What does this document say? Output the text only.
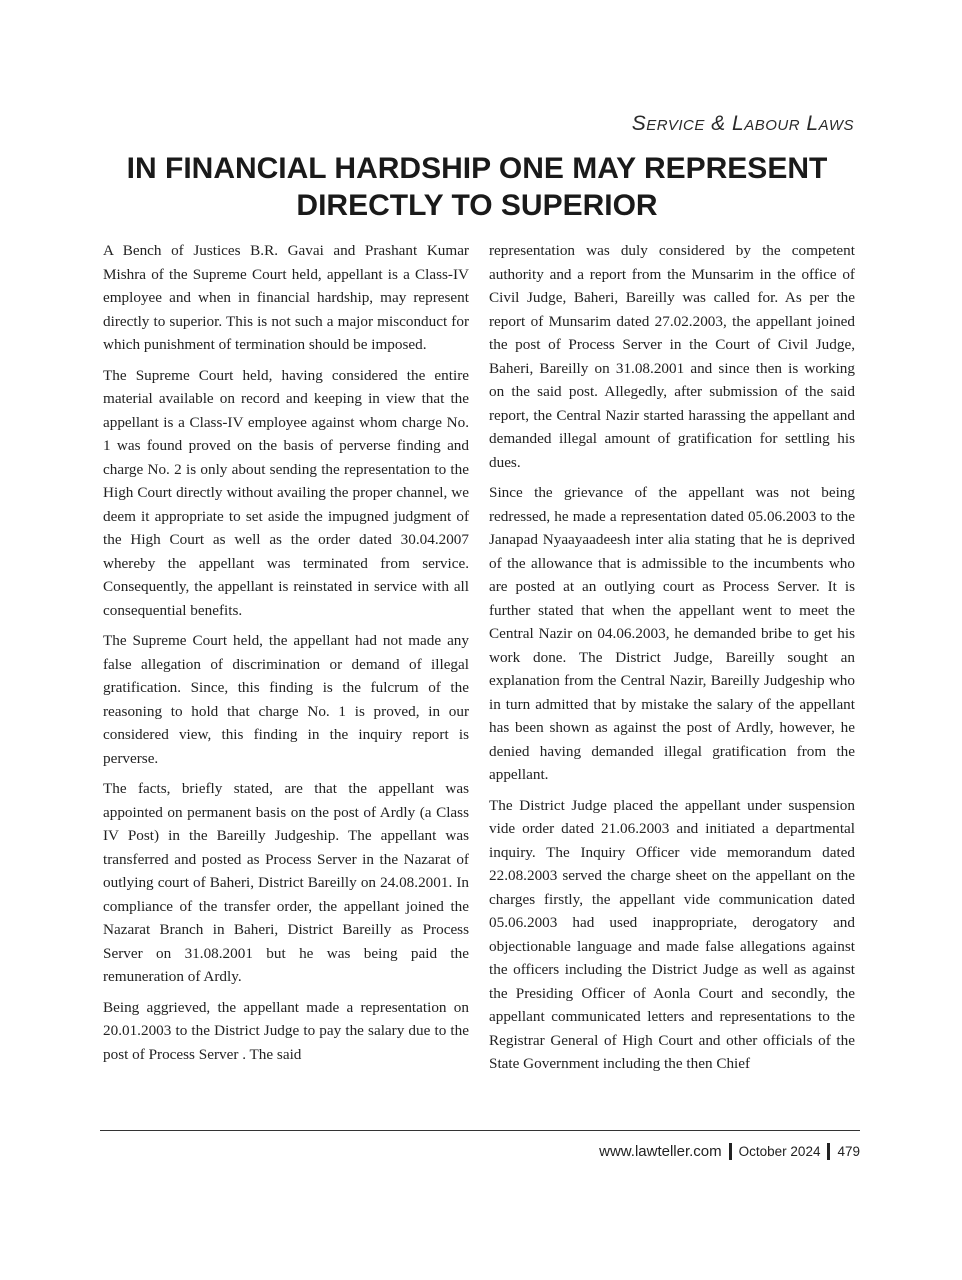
Service & Labour Laws
IN FINANCIAL HARDSHIP ONE MAY REPRESENT DIRECTLY TO SUPERIOR

A Bench of Justices B.R. Gavai and Prashant Kumar Mishra of the Supreme Court held, appellant is a Class-IV employee and when in financial hardship, may represent directly to superior. This is not such a major misconduct for which punishment of termination should be imposed.

The Supreme Court held, having considered the entire material available on record and keeping in view that the appellant is a Class-IV employee against whom charge No. 1 was found proved on the basis of perverse finding and charge No. 2 is only about sending the representation to the High Court directly without availing the proper channel, we deem it appropriate to set aside the impugned judgment of the High Court as well as the order dated 30.04.2007 whereby the appellant was terminated from service. Consequently, the appellant is reinstated in service with all consequential benefits.

The Supreme Court held, the appellant had not made any false allegation of discrimination or demand of illegal gratification. Since, this finding is the fulcrum of the reasoning to hold that charge No. 1 is proved, in our considered view, this finding in the inquiry report is perverse.

The facts, briefly stated, are that the appellant was appointed on permanent basis on the post of Ardly (a Class IV Post) in the Bareilly Judgeship. The appellant was transferred and posted as Process Server in the Nazarat of outlying court of Baheri, District Bareilly on 24.08.2001. In compliance of the transfer order, the appellant joined the Nazarat Branch in Baheri, District Bareilly as Process Server on 31.08.2001 but he was being paid the remuneration of Ardly.

Being aggrieved, the appellant made a representation on 20.01.2003 to the District Judge to pay the salary due to the post of Process Server . The said

representation was duly considered by the competent authority and a report from the Munsarim in the office of Civil Judge, Baheri, Bareilly was called for. As per the report of Munsarim dated 27.02.2003, the appellant joined the post of Process Server in the Court of Civil Judge, Baheri, Bareilly on 31.08.2001 and since then is working on the said post. Allegedly, after submission of the said report, the Central Nazir started harassing the appellant and demanded illegal amount of gratification for settling his dues.

Since the grievance of the appellant was not being redressed, he made a representation dated 05.06.2003 to the Janapad Nyaayaadeesh inter alia stating that he is deprived of the allowance that is admissible to the incumbents who are posted at an outlying court as Process Server. It is further stated that when the appellant went to meet the Central Nazir on 04.06.2003, he demanded bribe to get his work done. The District Judge, Bareilly sought an explanation from the Central Nazir, Bareilly Judgeship who in turn admitted that by mistake the salary of the appellant has been shown as against the post of Ardly, however, he denied having demanded illegal gratification from the appellant.

The District Judge placed the appellant under suspension vide order dated 21.06.2003 and initiated a departmental inquiry. The Inquiry Officer vide memorandum dated 22.08.2003 served the charge sheet on the appellant on the charges firstly, the appellant vide communication dated 05.06.2003 had used inappropriate, derogatory and objectionable language and made false allegations against the officers including the District Judge as well as against the Presiding Officer of Aonla Court and secondly, the appellant communicated letters and representations to the Registrar General of High Court and other officials of the State Government including the then Chief

www.lawteller.com October 2024 479
